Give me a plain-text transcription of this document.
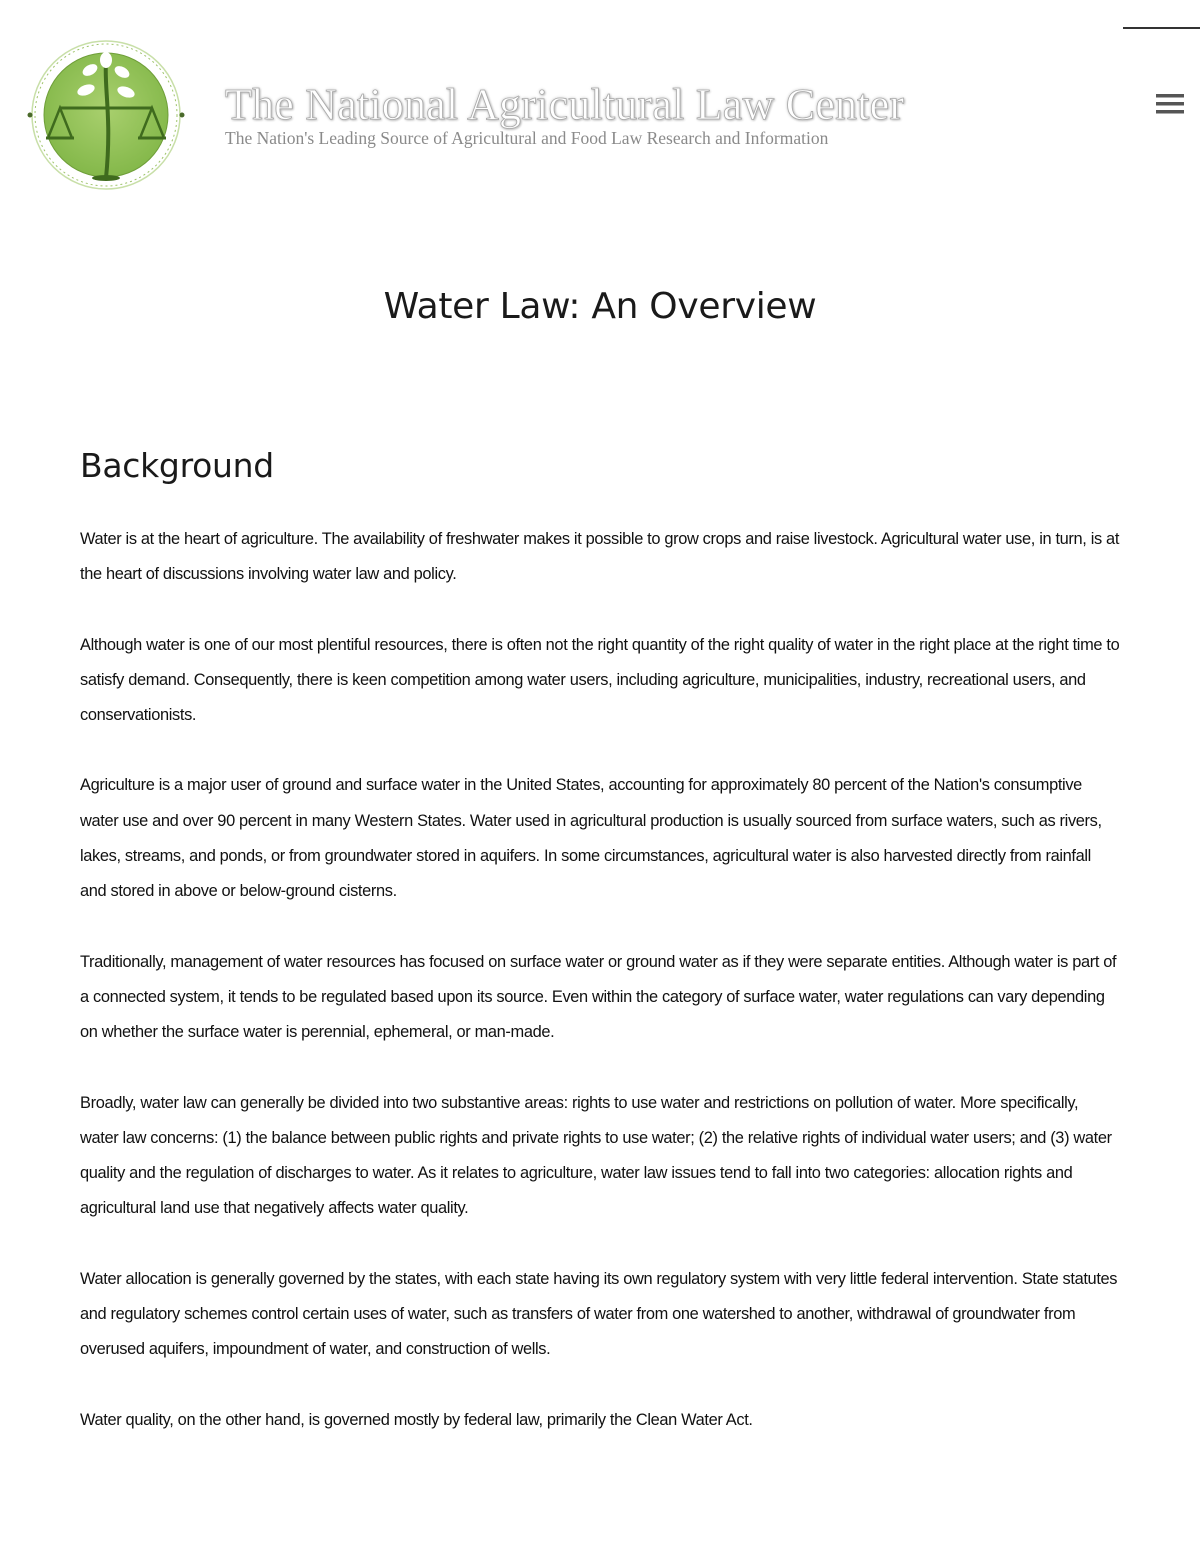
The National Agricultural Law Center
The Nation's Leading Source of Agricultural and Food Law Research and Information
Water Law: An Overview
Background

Water is at the heart of agriculture. The availability of freshwater makes it possible to grow crops and raise livestock. Agricultural water use, in turn, is at the heart of discussions involving water law and policy.

Although water is one of our most plentiful resources, there is often not the right quantity of the right quality of water in the right place at the right time to satisfy demand. Consequently, there is keen competition among water users, including agriculture, municipalities, industry, recreational users, and conservationists.

Agriculture is a major user of ground and surface water in the United States, accounting for approximately 80 percent of the Nation's consumptive water use and over 90 percent in many Western States. Water used in agricultural production is usually sourced from surface waters, such as rivers, lakes, streams, and ponds, or from groundwater stored in aquifers. In some circumstances, agricultural water is also harvested directly from rainfall and stored in above or below-ground cisterns.

Traditionally, management of water resources has focused on surface water or ground water as if they were separate entities. Although water is part of a connected system, it tends to be regulated based upon its source. Even within the category of surface water, water regulations can vary depending on whether the surface water is perennial, ephemeral, or man-made.

Broadly, water law can generally be divided into two substantive areas: rights to use water and restrictions on pollution of water. More specifically, water law concerns: (1) the balance between public rights and private rights to use water; (2) the relative rights of individual water users; and (3) water quality and the regulation of discharges to water. As it relates to agriculture, water law issues tend to fall into two categories: allocation rights and agricultural land use that negatively affects water quality.

Water allocation is generally governed by the states, with each state having its own regulatory system with very little federal intervention. State statutes and regulatory schemes control certain uses of water, such as transfers of water from one watershed to another, withdrawal of groundwater from overused aquifers, impoundment of water, and construction of wells.

Water quality, on the other hand, is governed mostly by federal law, primarily the Clean Water Act.
